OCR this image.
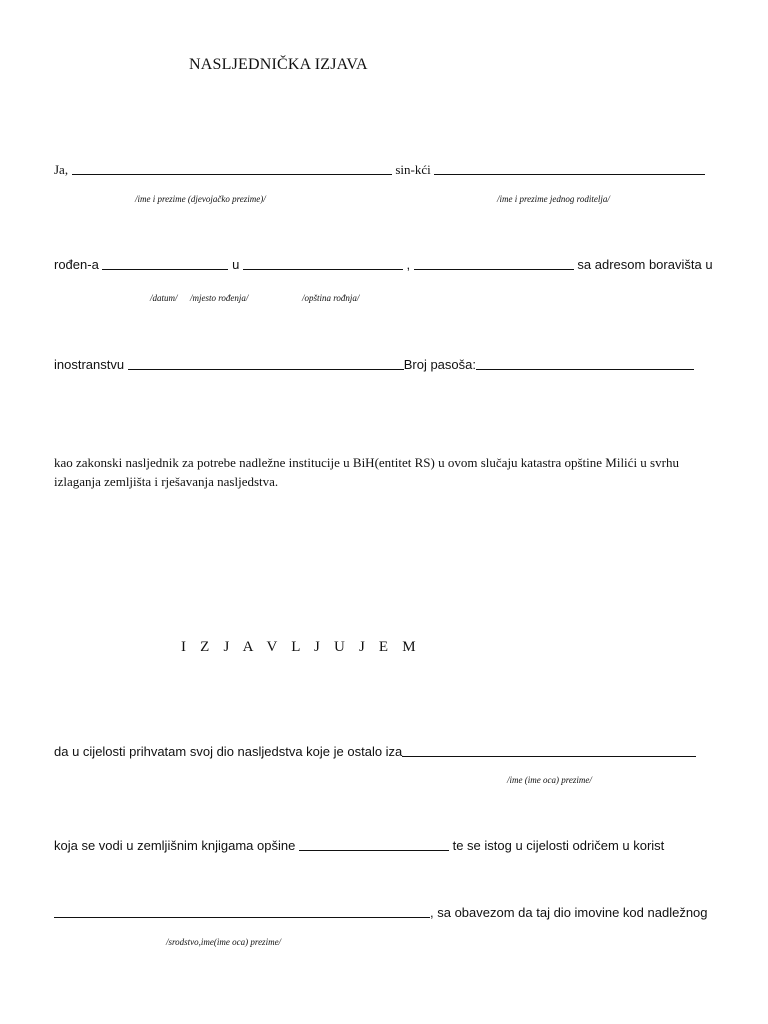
NASLJEDNIČKA IZJAVA
Ja,	sin-kći
/ime i prezime (djevojačko prezime)/	/ime i prezime jednog roditelja/
rođen-a	u	,	sa adresom boravišta u
/datum/ /mjesto rođenja/	/opština rođnja/
inostranstvu	Broj pasoša:
kao zakonski nasljednik za potrebe nadležne institucije u BiH(entitet RS) u ovom slučaju katastra opštine Milići u svrhu
izlaganja zemljišta i rješavanja nasljedstva.
I Z J A V L J U J E M
da u cijelosti prihvatam svoj dio nasljedstva koje je ostalo iza
/ime (ime oca) prezime/
koja se vodi u zemljišnim knjigama opšine	te se istog u cijelosti odričem u korist
, sa obavezom da taj dio imovine kod nadležnog
/srodstvo,ime(ime oca) prezime/
